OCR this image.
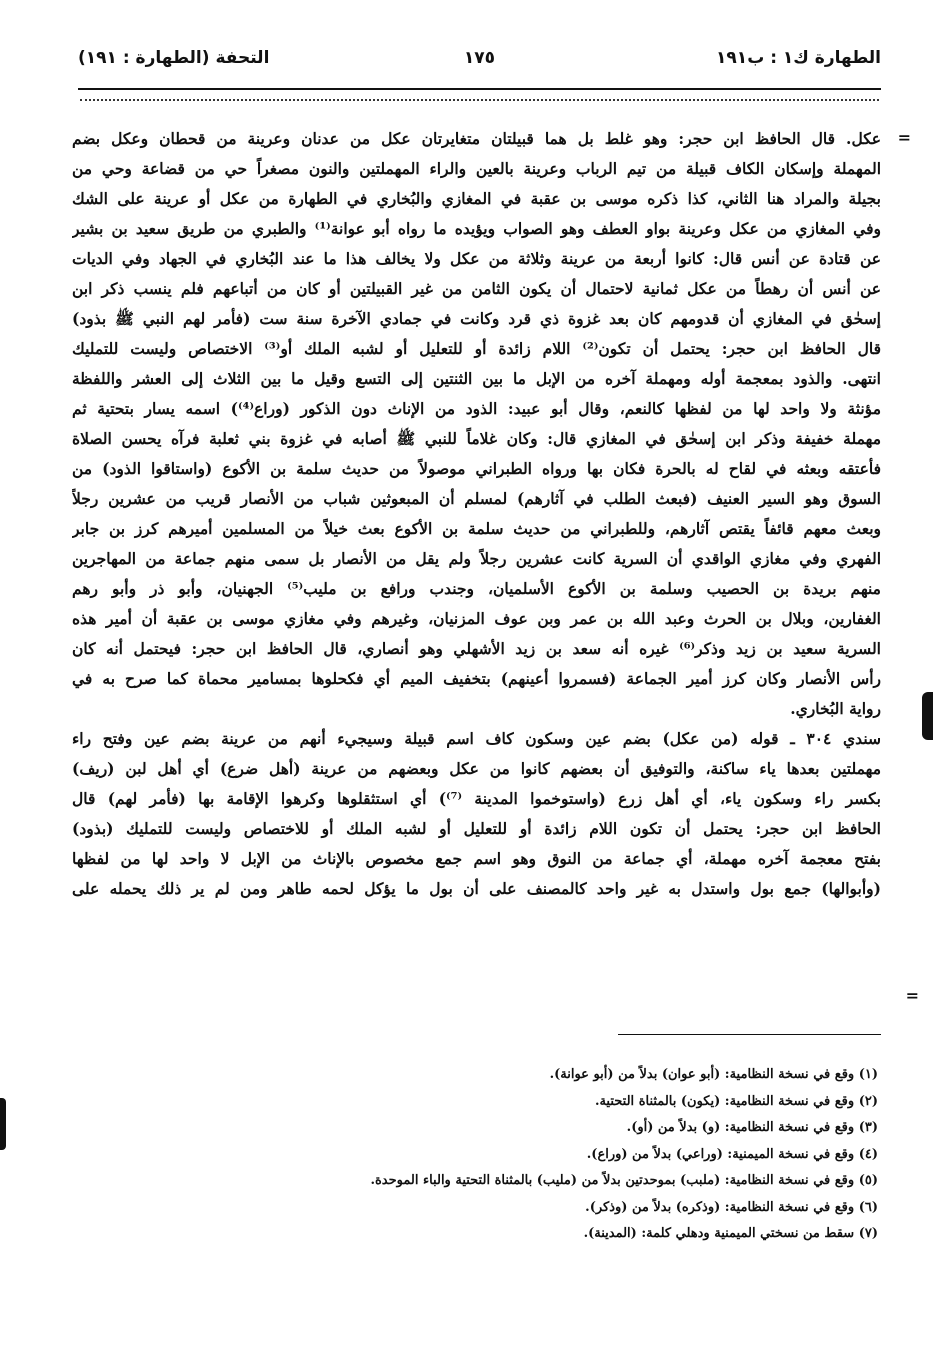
الطهارة ك١ : ب١٩١
١٧٥
التحفة (الطهارة : ١٩١)
=
عكل. قال الحافظ ابن حجر: وهو غلط بل هما قبيلتان متغايرتان عكل من عدنان وعرينة من قحطان وعكل بضم
المهملة وإسكان الكاف قبيلة من تيم الرباب وعرينة بالعين والراء المهملتين والنون مصغراً حي من قضاعة وحي من
بجيلة والمراد هنا الثاني، كذا ذكره موسى بن عقبة في المغازي والبُخاري في الطهارة من عكل أو عرينة على الشك
وفي المغازي من عكل وعرينة بواو العطف وهو الصواب ويؤيده ما رواه أبو عوانة⁽¹⁾ والطبري من طريق سعيد بن بشير
عن قتادة عن أنس قال: كانوا أربعة من عرينة وثلاثة من عكل ولا يخالف هذا ما عند البُخاري في الجهاد وفي الديات
عن أنس أن رهطاً من عكل ثمانية لاحتمال أن يكون الثامن من غير القبيلتين أو كان من أتباعهم فلم ينسب ذكر ابن
إسحٰق في المغازي أن قدومهم كان بعد غزوة ذي قرد وكانت في جمادي الآخرة سنة ست (فأمر لهم النبي ﷺ بذود)
قال الحافظ ابن حجر: يحتمل أن تكون⁽²⁾ اللام زائدة أو للتعليل أو لشبه الملك أو⁽³⁾ الاختصاص وليست للتمليك
انتهى. والذود بمعجمة أوله ومهملة آخره من الإبل ما بين الثنتين إلى التسع وقيل ما بين الثلاث إلى العشر واللفظة
مؤنثة ولا واحد لها من لفظها كالنعم، وقال أبو عبيد: الذود من الإناث دون الذكور (وراع⁽⁴⁾) اسمه يسار بتحتية ثم
مهملة خفيفة وذكر ابن إسحٰق في المغازي قال: وكان غلاماً للنبي ﷺ أصابه في غزوة بني ثعلبة فرآه يحسن الصلاة
فأعتقه وبعثه في لقاح له بالحرة فكان بها ورواه الطبراني موصولاً من حديث سلمة بن الأكوع (واستاقوا الذود) من
السوق وهو السير العنيف (فبعث الطلب في آثارهم) لمسلم أن المبعوثين شباب من الأنصار قريب من عشرين رجلاً
وبعث معهم قائفاً يقتص آثارهم، وللطبراني من حديث سلمة بن الأكوع بعث خيلاً من المسلمين أميرهم كرز بن جابر
الفهري وفي مغازي الواقدي أن السرية كانت عشرين رجلاً ولم يقل من الأنصار بل سمى منهم جماعة من المهاجرين
منهم بريدة بن الحصيب وسلمة بن الأكوع الأسلميان، وجندب ورافع بن مليب⁽⁵⁾ الجهنيان، وأبو ذر وأبو رهم
الغفارين، وبلال بن الحرث وعبد الله بن عمر وبن عوف المزنيان، وغيرهم وفي مغازي موسى بن عقبة أن أمير هذه
السرية سعيد بن زيد وذكر⁽⁶⁾ غيره أنه سعد بن زيد الأشهلي وهو أنصاري، قال الحافظ ابن حجر: فيحتمل أنه كان
رأس الأنصار وكان كرز أمير الجماعة (فسمروا أعينهم) بتخفيف الميم أي فكحلوها بمسامير محماة كما صرح به في
رواية البُخاري.
سندي ٣٠٤ ـ قوله (من عكل) بضم عين وسكون كاف اسم قبيلة وسيجيء أنهم من عرينة بضم عين وفتح راء
مهملتين بعدها ياء ساكنة، والتوفيق أن بعضهم كانوا من عكل وبعضهم من عرينة (أهل ضرع) أي أهل لبن (ريف)
بكسر راء وسكون ياء، أي أهل زرع (واستوخموا المدينة ⁽⁷⁾) أي استثقلوها وكرهوا الإقامة بها (فأمر لهم) قال
الحافظ ابن حجر: يحتمل أن تكون اللام زائدة أو للتعليل أو لشبه الملك أو للاختصاص وليست للتمليك (بذود)
بفتح معجمة آخره مهملة، أي جماعة من النوق وهو اسم جمع مخصوص بالإناث من الإبل لا واحد لها من لفظها
(وأبوالها) جمع بول واستدل به غير واحد كالمصنف على أن بول ما يؤكل لحمه طاهر ومن لم ير ذلك يحمله على
=
(١) وقع في نسخة النظامية: (أبو عوان) بدلاً من (أبو عوانة).
(٢) وقع في نسخة النظامية: (يكون) بالمثناة التحتية.
(٣) وقع في نسخة النظامية: (و) بدلاً من (أو).
(٤) وقع في نسخة الميمنية: (وراعي) بدلاً من (وراع).
(٥) وقع في نسخة النظامية: (ملبب) بموحدتين بدلاً من (مليب) بالمثناة التحتية والباء الموحدة.
(٦) وقع في نسخة النظامية: (وذكره) بدلاً من (وذكر).
(٧) سقط من نسختي الميمنية ودهلي كلمة: (المدينة).
